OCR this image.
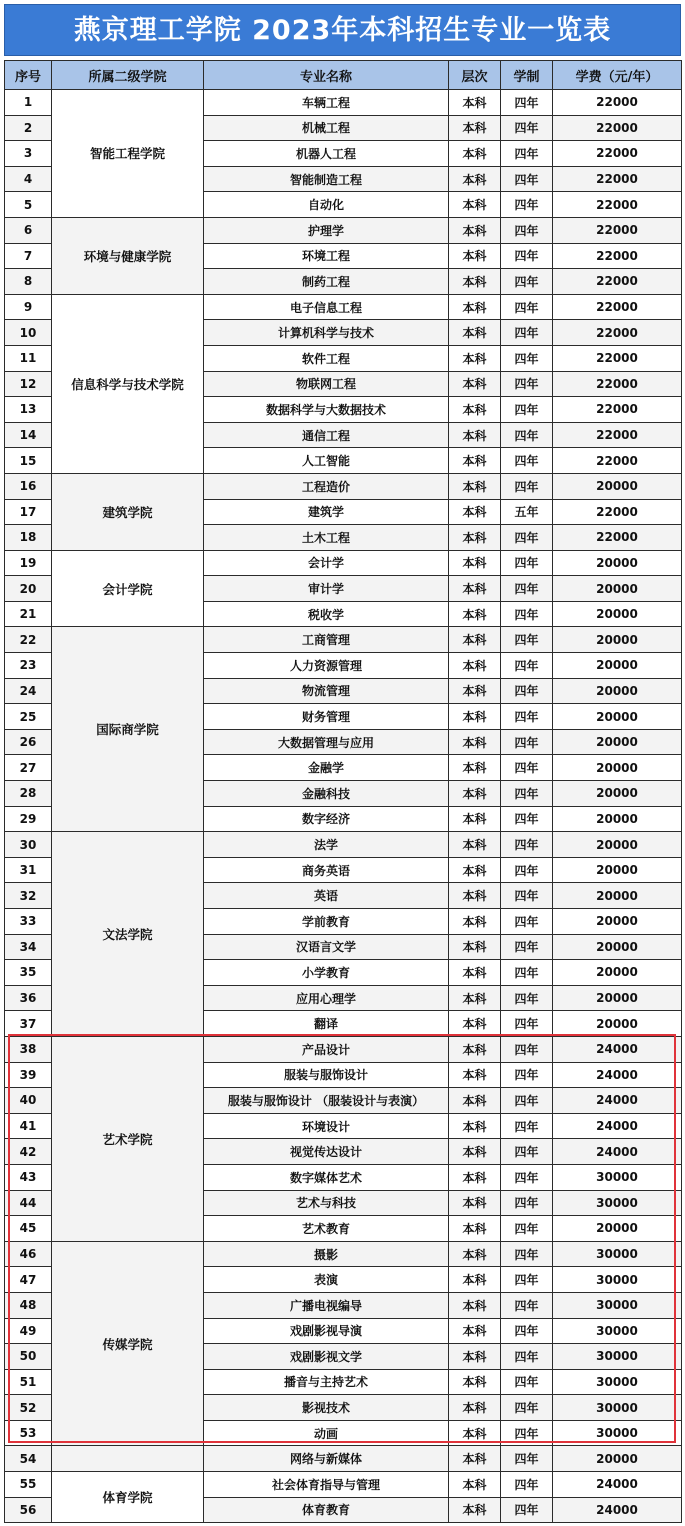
燕京理工学院 2023年本科招生专业一览表
序号	所属二级学院	专业名称	层次	学制	学费（元/年）
1	智能工程学院	车辆工程	本科	四年	22000
2		机械工程	本科	四年	22000
3		机器人工程	本科	四年	22000
4		智能制造工程	本科	四年	22000
5		自动化	本科	四年	22000
6	环境与健康学院	护理学	本科	四年	22000
7		环境工程	本科	四年	22000
8		制药工程	本科	四年	22000
9	信息科学与技术学院	电子信息工程	本科	四年	22000
10		计算机科学与技术	本科	四年	22000
11		软件工程	本科	四年	22000
12		物联网工程	本科	四年	22000
13		数据科学与大数据技术	本科	四年	22000
14		通信工程	本科	四年	22000
15		人工智能	本科	四年	22000
16	建筑学院	工程造价	本科	四年	20000
17		建筑学	本科	五年	22000
18		土木工程	本科	四年	22000
19	会计学院	会计学	本科	四年	20000
20		审计学	本科	四年	20000
21		税收学	本科	四年	20000
22	国际商学院	工商管理	本科	四年	20000
23		人力资源管理	本科	四年	20000
24		物流管理	本科	四年	20000
25		财务管理	本科	四年	20000
26		大数据管理与应用	本科	四年	20000
27		金融学	本科	四年	20000
28		金融科技	本科	四年	20000
29		数字经济	本科	四年	20000
30	文法学院	法学	本科	四年	20000
31		商务英语	本科	四年	20000
32		英语	本科	四年	20000
33		学前教育	本科	四年	20000
34		汉语言文学	本科	四年	20000
35		小学教育	本科	四年	20000
36		应用心理学	本科	四年	20000
37		翻译	本科	四年	20000
38	艺术学院	产品设计	本科	四年	24000
39		服装与服饰设计	本科	四年	24000
40		服装与服饰设计 （服装设计与表演）	本科	四年	24000
41		环境设计	本科	四年	24000
42		视觉传达设计	本科	四年	24000
43		数字媒体艺术	本科	四年	30000
44		艺术与科技	本科	四年	30000
45		艺术教育	本科	四年	20000
46	传媒学院	摄影	本科	四年	30000
47		表演	本科	四年	30000
48		广播电视编导	本科	四年	30000
49		戏剧影视导演	本科	四年	30000
50		戏剧影视文学	本科	四年	30000
51		播音与主持艺术	本科	四年	30000
52		影视技术	本科	四年	30000
53		动画	本科	四年	30000
54		网络与新媒体	本科	四年	20000
55	体育学院	社会体育指导与管理	本科	四年	24000
56		体育教育	本科	四年	24000
